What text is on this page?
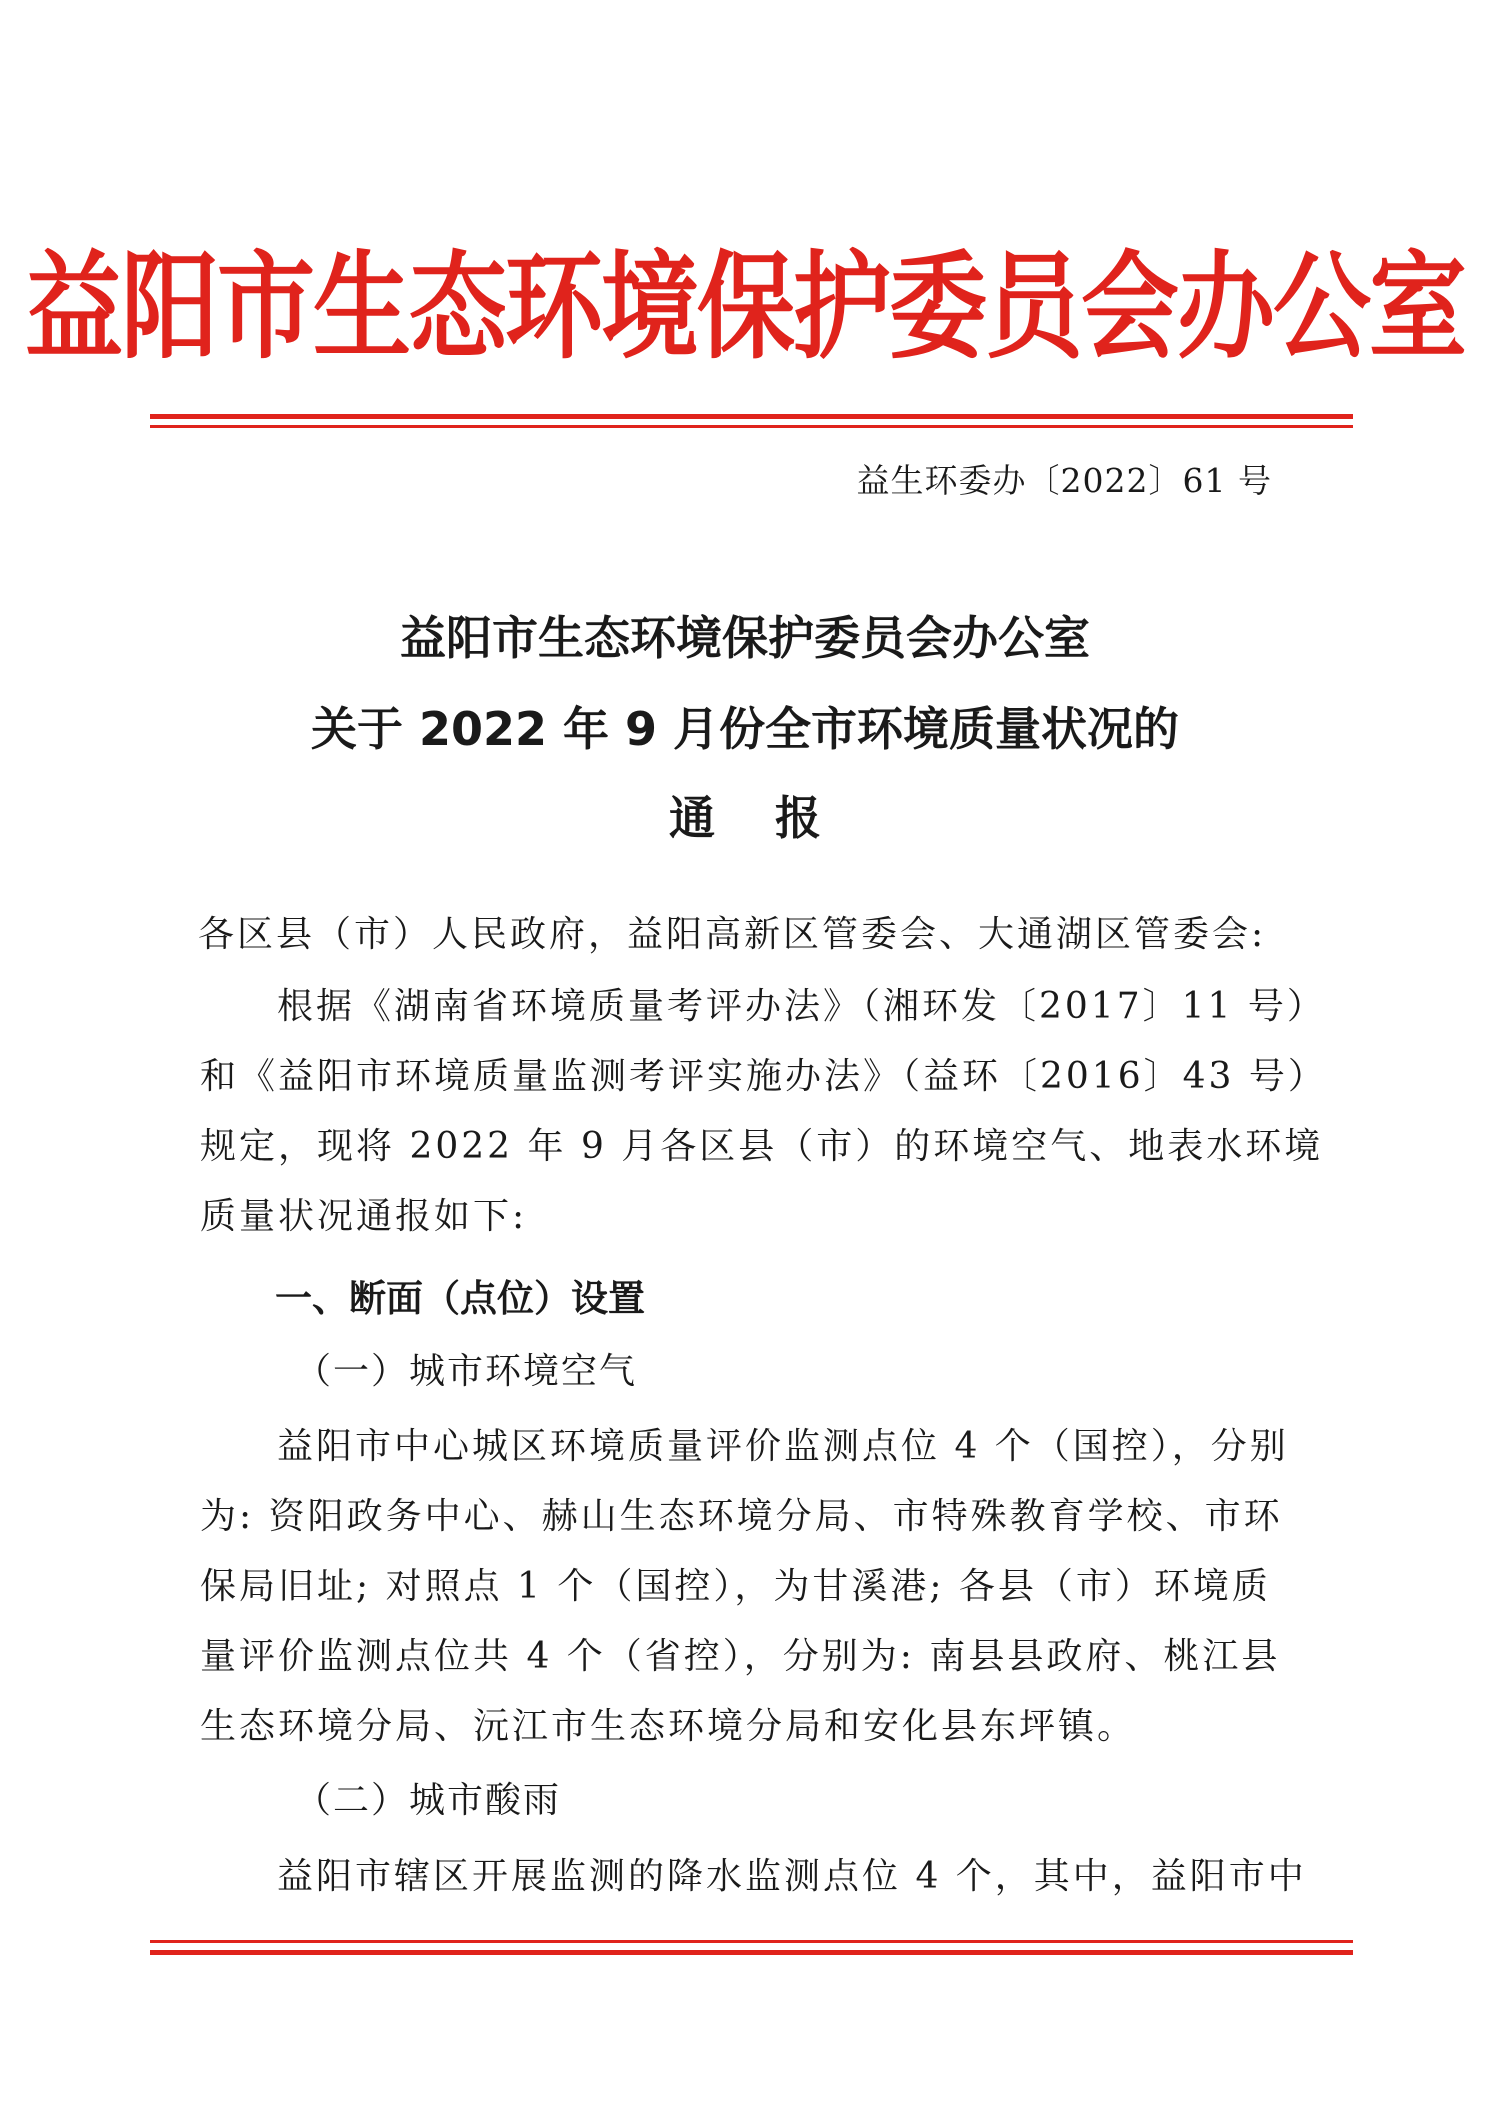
益阳市生态环境保护委员会办公室
益生环委办〔2022〕61 号
益阳市生态环境保护委员会办公室
关于 2022 年 9 月份全市环境质量状况的
通报
各区县（市）人民政府，益阳高新区管委会、大通湖区管委会:
根据《湖南省环境质量考评办法》（湘环发〔2017〕11 号）
和《益阳市环境质量监测考评实施办法》（益环〔2016〕43 号）
规定，现将 2022 年 9 月各区县（市）的环境空气、地表水环境
质量状况通报如下:
一、断面（点位）设置
（一）城市环境空气
益阳市中心城区环境质量评价监测点位 4 个（国控），分别
为: 资阳政务中心、赫山生态环境分局、市特殊教育学校、市环
保局旧址; 对照点 1 个（国控），为甘溪港; 各县（市）环境质
量评价监测点位共 4 个（省控），分别为: 南县县政府、桃江县
生态环境分局、沅江市生态环境分局和安化县东坪镇。
（二）城市酸雨
益阳市辖区开展监测的降水监测点位 4 个，其中，益阳市中
